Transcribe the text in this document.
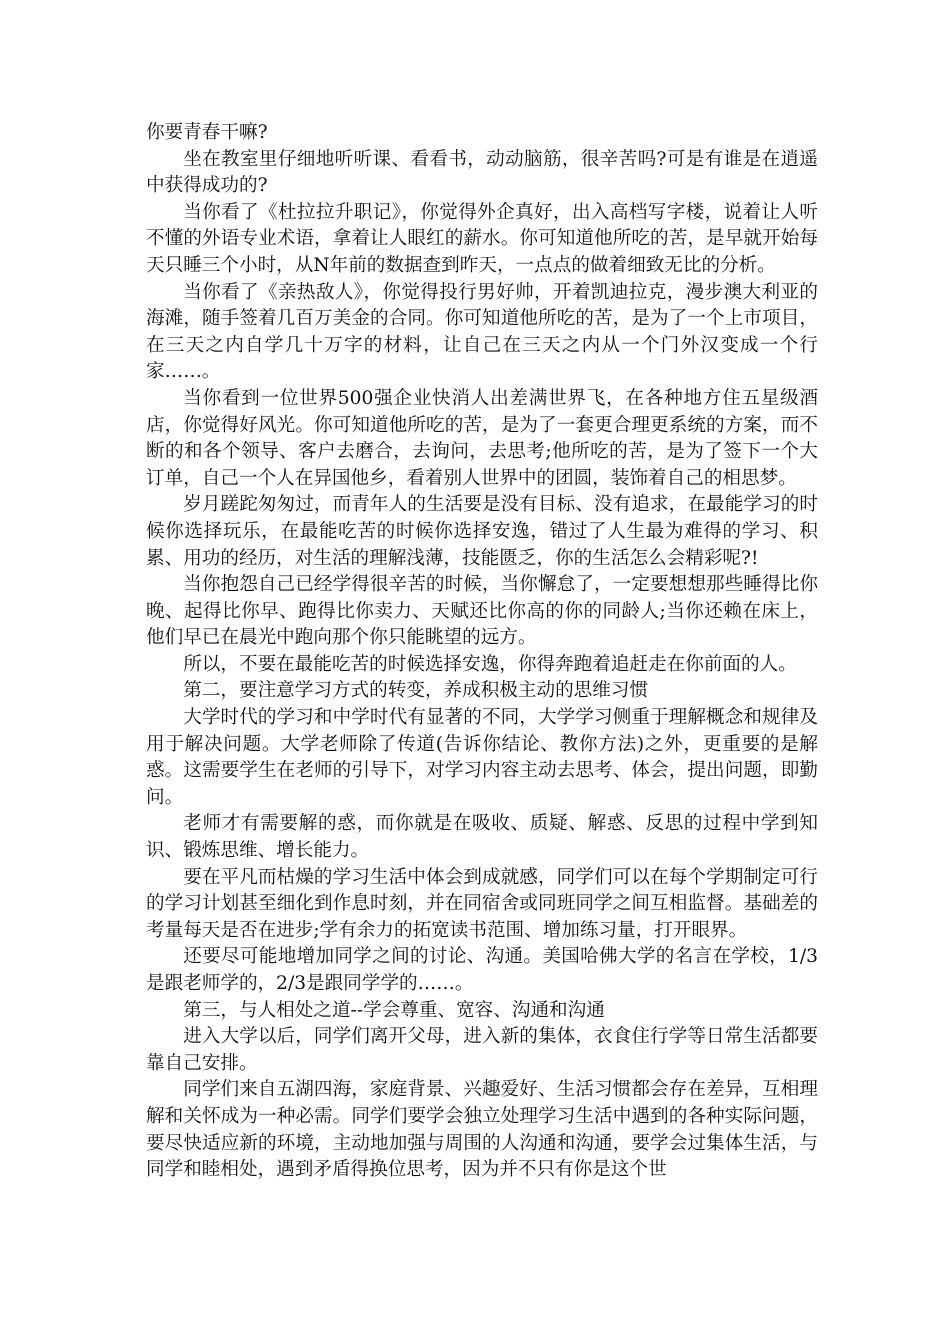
你要青春干嘛?

坐在教室里仔细地听听课、看看书，动动脑筋，很辛苦吗?可是有谁是在逍遥中获得成功的?

当你看了《杜拉拉升职记》，你觉得外企真好，出入高档写字楼，说着让人听不懂的外语专业术语，拿着让人眼红的薪水。你可知道他所吃的苦，是早就开始每天只睡三个小时，从N年前的数据查到昨天，一点点的做着细致无比的分析。

当你看了《亲热敌人》，你觉得投行男好帅，开着凯迪拉克，漫步澳大利亚的海滩，随手签着几百万美金的合同。你可知道他所吃的苦，是为了一个上市项目，在三天之内自学几十万字的材料，让自己在三天之内从一个门外汉变成一个行家……。

当你看到一位世界500强企业快消人出差满世界飞，在各种地方住五星级酒店，你觉得好风光。你可知道他所吃的苦，是为了一套更合理更系统的方案，而不断的和各个领导、客户去磨合，去询问，去思考;他所吃的苦，是为了签下一个大订单，自己一个人在异国他乡，看着别人世界中的团圆，装饰着自己的相思梦。

岁月蹉跎匆匆过，而青年人的生活要是没有目标、没有追求，在最能学习的时候你选择玩乐，在最能吃苦的时候你选择安逸，错过了人生最为难得的学习、积累、用功的经历，对生活的理解浅薄，技能匮乏，你的生活怎么会精彩呢?!

当你抱怨自己已经学得很辛苦的时候，当你懈怠了，一定要想想那些睡得比你晚、起得比你早、跑得比你卖力、天赋还比你高的你的同龄人;当你还赖在床上，他们早已在晨光中跑向那个你只能眺望的远方。

所以，不要在最能吃苦的时候选择安逸，你得奔跑着追赶走在你前面的人。

第二，要注意学习方式的转变，养成积极主动的思维习惯

大学时代的学习和中学时代有显著的不同，大学学习侧重于理解概念和规律及用于解决问题。大学老师除了传道(告诉你结论、教你方法)之外，更重要的是解惑。这需要学生在老师的引导下，对学习内容主动去思考、体会，提出问题，即勤问。

老师才有需要解的惑，而你就是在吸收、质疑、解惑、反思的过程中学到知识、锻炼思维、增长能力。

要在平凡而枯燥的学习生活中体会到成就感，同学们可以在每个学期制定可行的学习计划甚至细化到作息时刻，并在同宿舍或同班同学之间互相监督。基础差的考量每天是否在进步;学有余力的拓宽读书范围、增加练习量，打开眼界。

还要尽可能地增加同学之间的讨论、沟通。美国哈佛大学的名言在学校，1/3是跟老师学的，2/3是跟同学学的……。

第三，与人相处之道--学会尊重、宽容、沟通和沟通

进入大学以后，同学们离开父母，进入新的集体，衣食住行学等日常生活都要靠自己安排。

同学们来自五湖四海，家庭背景、兴趣爱好、生活习惯都会存在差异，互相理解和关怀成为一种必需。同学们要学会独立处理学习生活中遇到的各种实际问题，要尽快适应新的环境，主动地加强与周围的人沟通和沟通，要学会过集体生活，与同学和睦相处，遇到矛盾得换位思考，因为并不只有你是这个世
